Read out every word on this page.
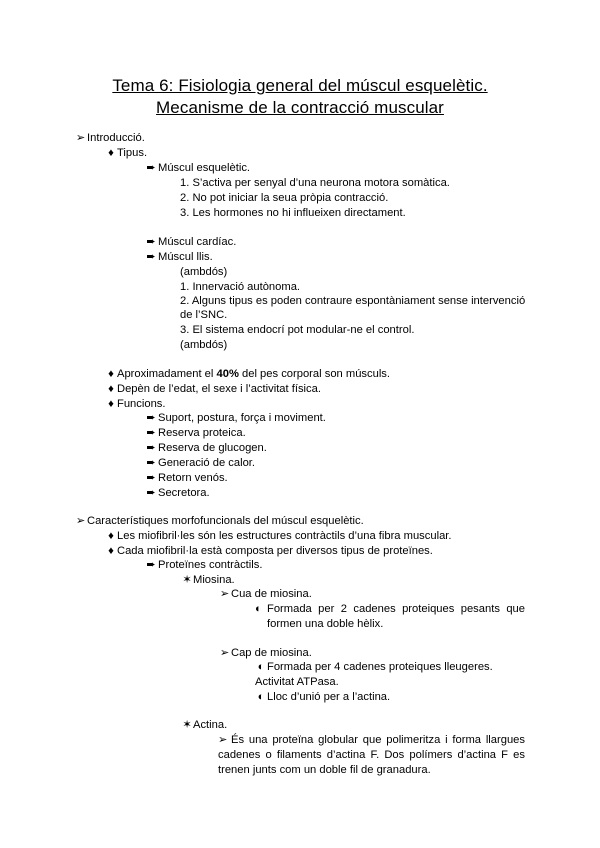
Tema 6: Fisiologia general del múscul esquelètic.
Mecanisme de la contracció muscular
➢ Introducció.
♦ Tipus.
➨ Múscul esquelètic.
1. S’activa per senyal d’una neurona motora somàtica.
2. No pot iniciar la seua pròpia contracció.
3. Les hormones no hi influeixen directament.
➨ Múscul cardíac.
➨ Múscul llis.
(ambdós)
1. Innervació autònoma.
2. Alguns tipus es poden contraure espontàniament sense intervenció
de l’SNC.
3. El sistema endocrí pot modular-ne el control.
(ambdós)
♦ Aproximadament el 40% del pes corporal son músculs.
♦ Depèn de l’edat, el sexe i l’activitat física.
♦ Funcions.
➨ Suport, postura, força i moviment.
➨ Reserva proteica.
➨ Reserva de glucogen.
➨ Generació de calor.
➨ Retorn venós.
➨ Secretora.
➢ Característiques morfofuncionals del múscul esquelètic.
♦ Les miofibril·les són les estructures contràctils d’una fibra muscular.
♦ Cada miofibril·la està composta per diversos tipus de proteïnes.
➨ Proteïnes contràctils.
✶Miosina.
➢ Cua de miosina.
◐ Formada per 2 cadenes proteiques pesants que
formen una doble hèlix.
➢ Cap de miosina.
◐ Formada per 4 cadenes proteiques lleugeres.
Activitat ATPasa.
◐ Lloc d’unió per a l’actina.
✶Actina.
➢ És una proteïna globular que polimeritza i forma llargues
cadenes o filaments d’actina F. Dos polímers d’actina F es
trenen junts com un doble fil de granadura.
